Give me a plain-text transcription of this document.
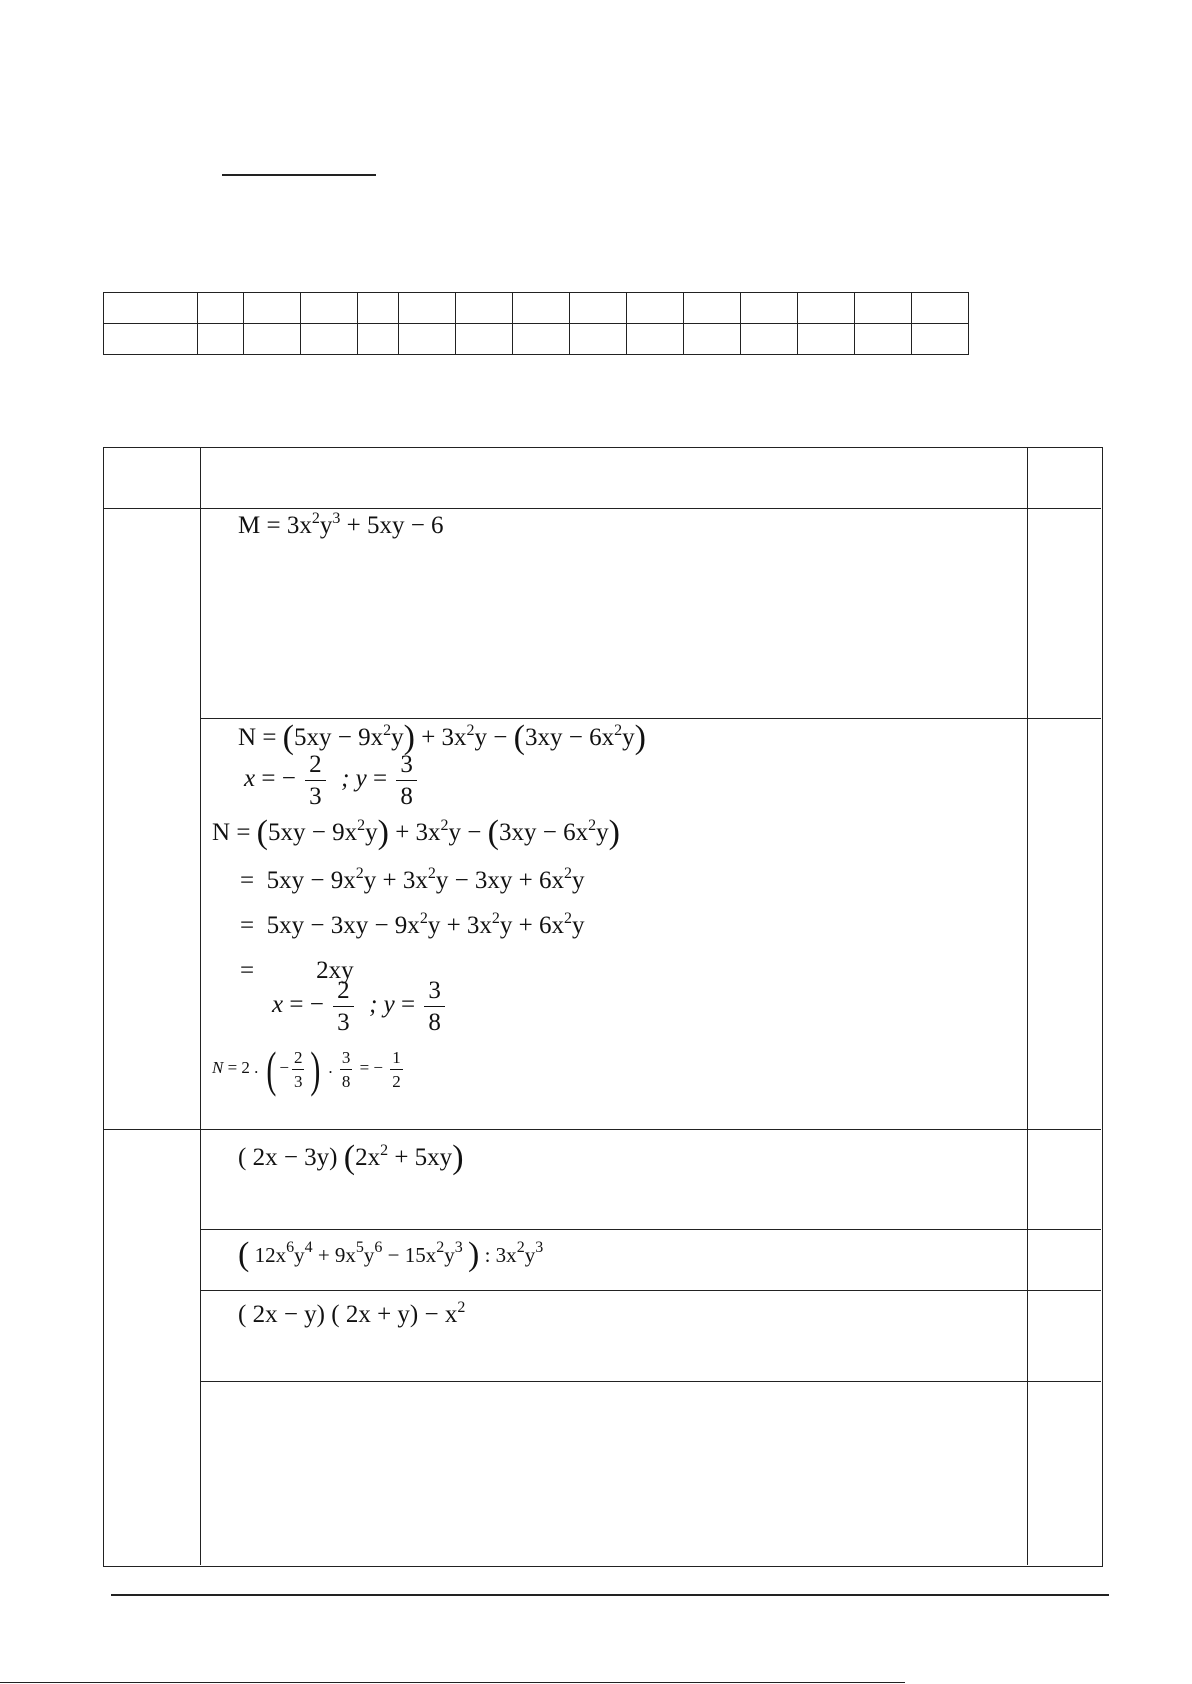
$M = 3x^2y^3 + 5xy - 6$
$N = (5xy - 9x^2y) + 3x^2y - (3xy - 6x^2y)$
x = − $\frac{2}{3}$ ; $y = \frac{3}{8}$
$N = (5xy - 9x^2y) + 3x^2y - (3xy - 6x^2y)$
= $5xy - 9x^2y + 3x^2y - 3xy + 6x^2y$
= $5xy - 3xy - 9x^2y + 3x^2y + 6x^2y$
= 2xy
x = − $\frac{2}{3}$ ; $y = \frac{3}{8}$
N = 2 . ( − $\frac{2}{3}$ ) . $\frac{3}{8}$ = − $\frac{1}{2}$
( 2x − 3y) $(2x^2 + 5xy)$
( $12x^6y^4 + 9x^5y^6 - 15x^2y^3$ ) : $3x^2y^3$
( 2x − y) ( $2x + y) - x^2$
